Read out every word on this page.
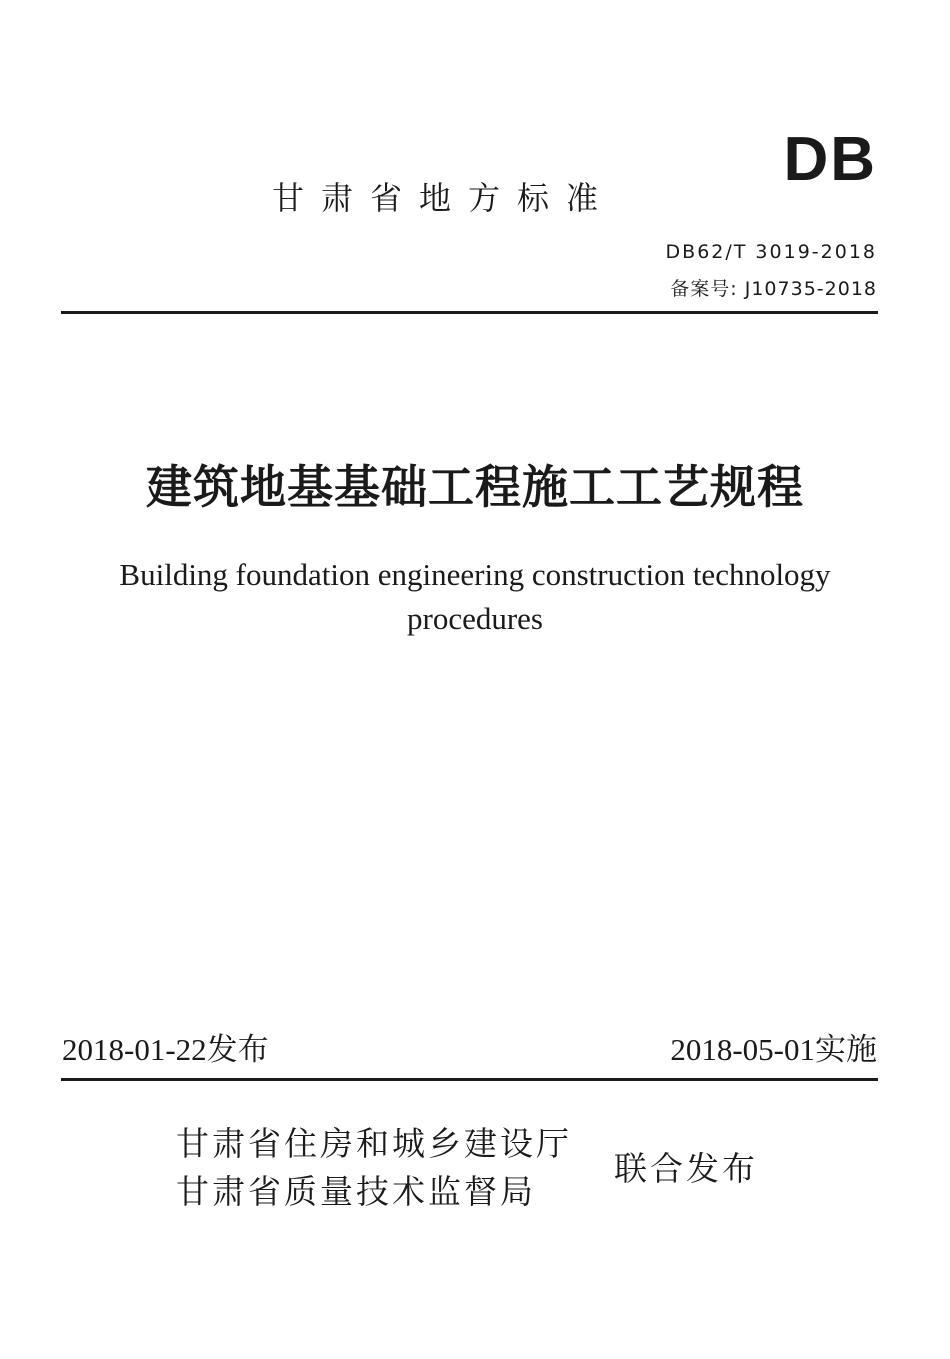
DB
甘肃省地方标准
DB62/T 3019-2018
备案号: J10735-2018
建筑地基基础工程施工工艺规程
Building foundation engineering construction technology procedures
2018-01-22发布	2018-05-01实施
甘肃省住房和城乡建设厅
甘肃省质量技术监督局
联合发布
